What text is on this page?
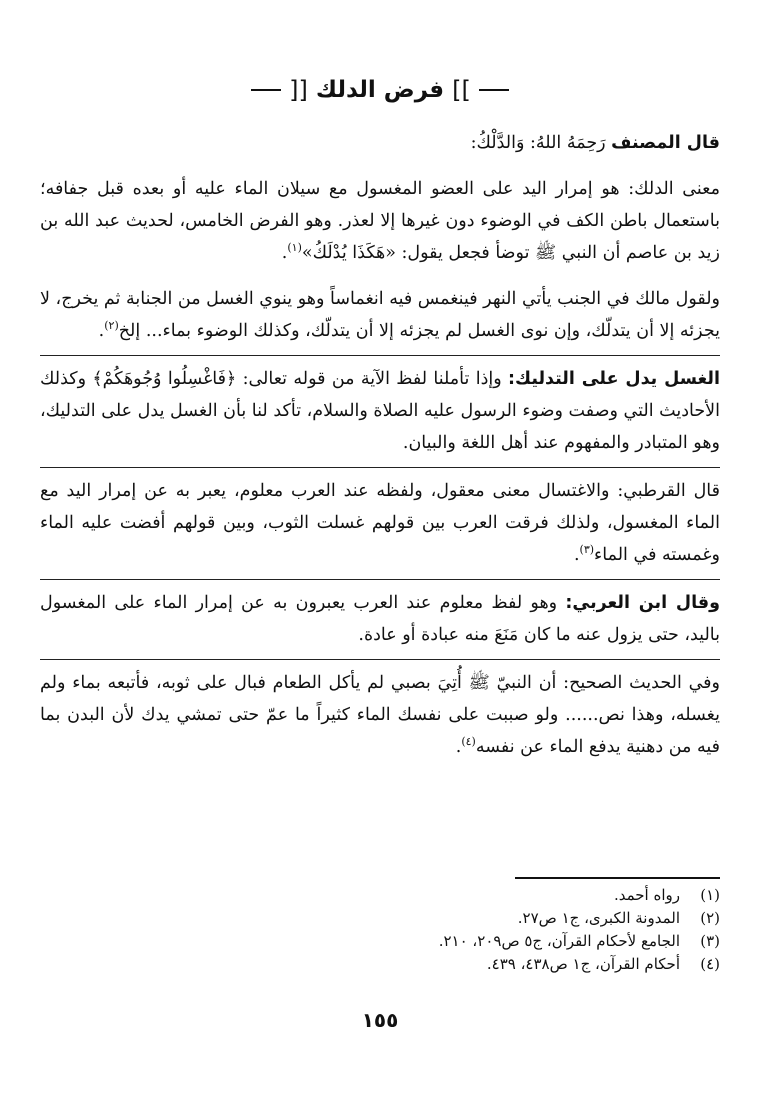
]]
فرض الدلك
[[

قال المصنف رَحِمَهُ اللهُ: وَالدَّلْكُ:

معنى الدلك: هو إمرار اليد على العضو المغسول مع سيلان الماء عليه أو بعده قبل جفافه؛ باستعمال باطن الكف في الوضوء دون غيرها إلا لعذر. وهو الفرض الخامس، لحديث عبد الله بن زيد بن عاصم أن النبي ﷺ توضأ فجعل يقول: «هَكَذَا يُدْلَكُ»$^{(١)}$.

ولقول مالك في الجنب يأتي النهر فينغمس فيه انغماساً وهو ينوي الغسل من الجنابة ثم يخرج، لا يجزئه إلا أن يتدلّك، وإن نوى الغسل لم يجزئه إلا أن يتدلّك، وكذلك الوضوء بماء... إلخ$^{(٢)}$.

الغسل يدل على التدليك: وإذا تأملنا لفظ الآية من قوله تعالى: ﴿فَاغْسِلُوا وُجُوهَكُمْ﴾ وكذلك الأحاديث التي وصفت وضوء الرسول عليه الصلاة والسلام، تأكد لنا بأن الغسل يدل على التدليك، وهو المتبادر والمفهوم عند أهل اللغة والبيان.

قال القرطبي: والاغتسال معنى معقول، ولفظه عند العرب معلوم، يعبر به عن إمرار اليد مع الماء المغسول، ولذلك فرقت العرب بين قولهم غسلت الثوب، وبين قولهم أفضت عليه الماء وغمسته في الماء$^{(٣)}$.

وقال ابن العربي: وهو لفظ معلوم عند العرب يعبرون به عن إمرار الماء على المغسول باليد، حتى يزول عنه ما كان مَنَعَ منه عبادة أو عادة.

وفي الحديث الصحيح: أن النبيّ ﷺ أُتِيَ بصبي لم يأكل الطعام فبال على ثوبه، فأتبعه بماء ولم يغسله، وهذا نص...... ولو صببت على نفسك الماء كثيراً ما عمّ حتى تمشي يدك لأن البدن بما فيه من دهنية يدفع الماء عن نفسه$^{(٤)}$.

(١)
رواه أحمد.
(٢)
المدونة الكبرى، ج١ ص٢٧.
(٣)
الجامع لأحكام القرآن، ج٥ ص٢٠٩، ٢١٠.
(٤)
أحكام القرآن، ج١ ص٤٣٨، ٤٣٩.
١٥٥
